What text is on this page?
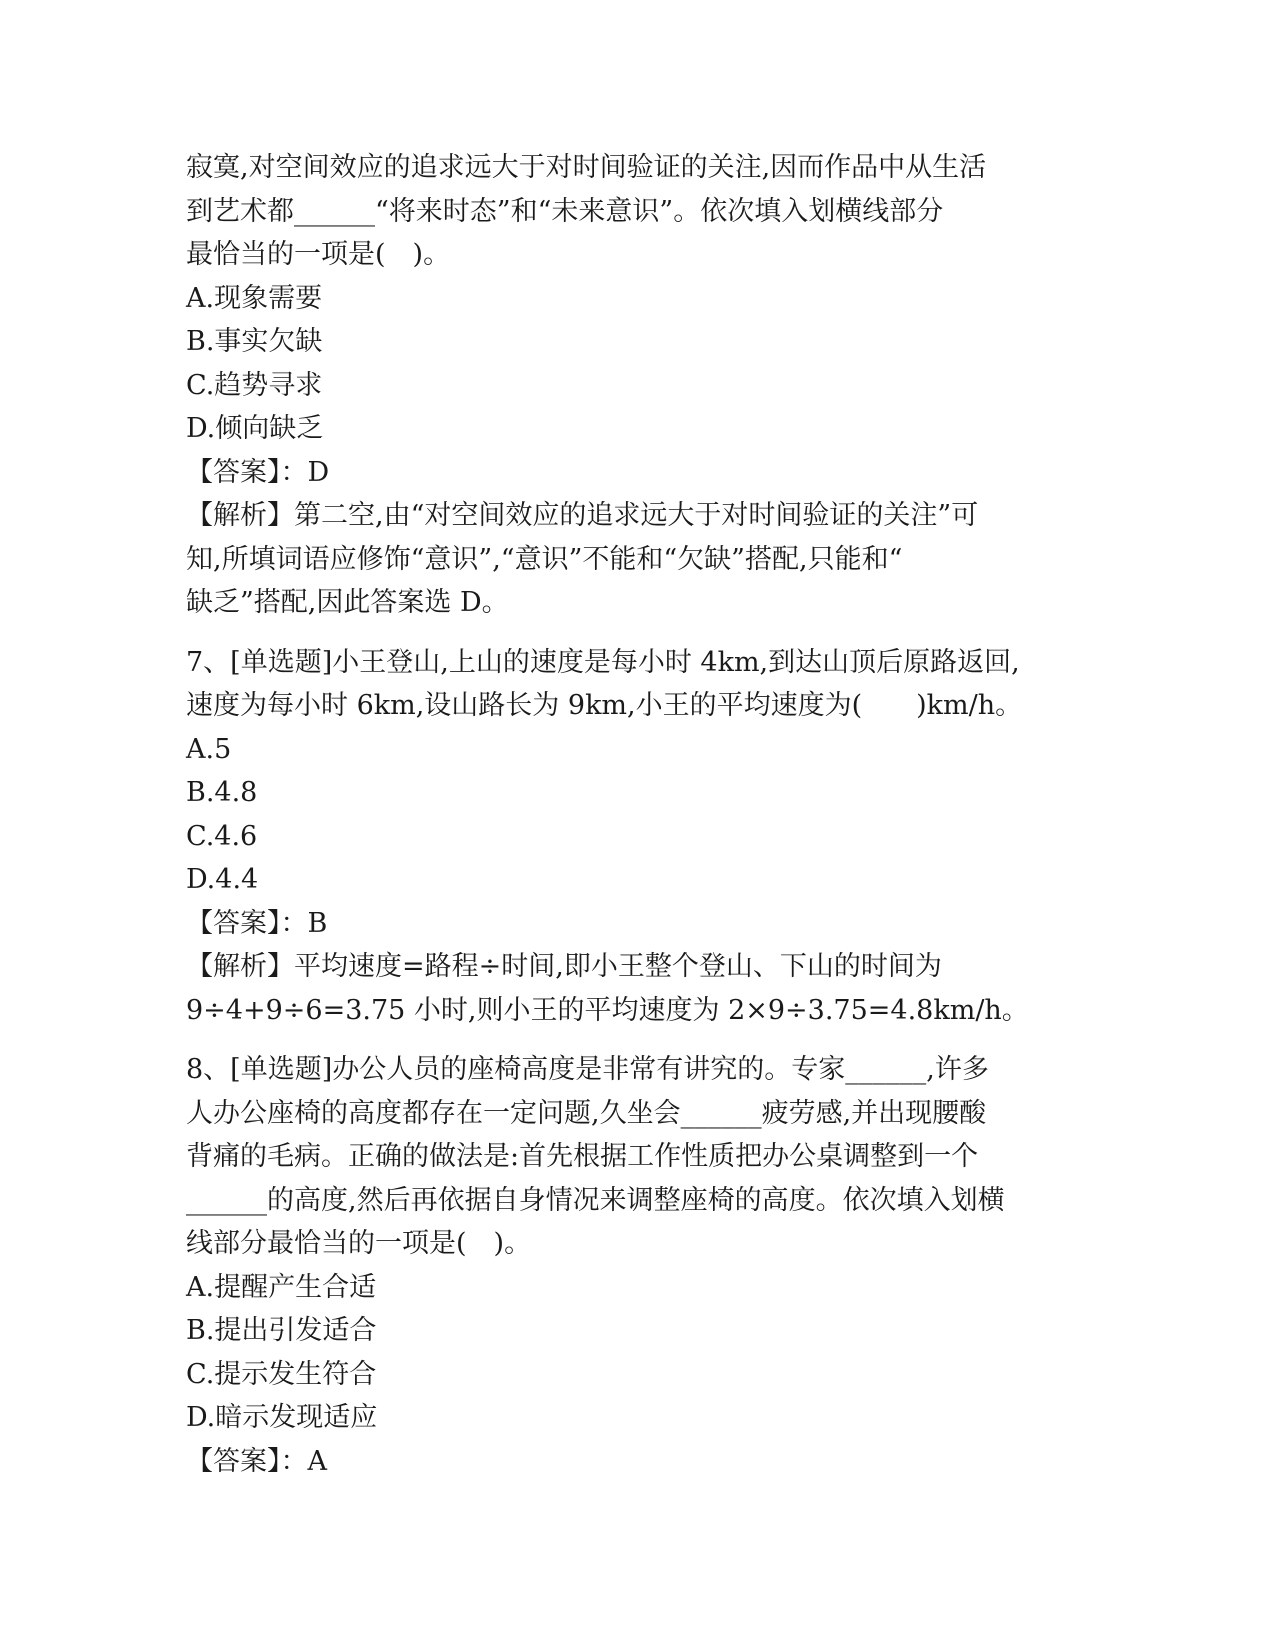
寂寞,对空间效应的追求远大于对时间验证的关注,因而作品中从生活
到艺术都______“将来时态”和“未来意识”。依次填入划横线部分
最恰当的一项是(　)。
A.现象需要
B.事实欠缺
C.趋势寻求
D.倾向缺乏
【答案】：D
【解析】第二空,由“对空间效应的追求远大于对时间验证的关注”可
知,所填词语应修饰“意识”,“意识”不能和“欠缺”搭配,只能和“
缺乏”搭配,因此答案选 D。
7、[单选题]小王登山,上山的速度是每小时 4km,到达山顶后原路返回,
速度为每小时 6km,设山路长为 9km,小王的平均速度为(　　)km/h。
A.5
B.4.8
C.4.6
D.4.4
【答案】：B
【解析】平均速度=路程÷时间,即小王整个登山、下山的时间为
9÷4+9÷6=3.75 小时,则小王的平均速度为 2×9÷3.75=4.8km/h。
8、[单选题]办公人员的座椅高度是非常有讲究的。专家______,许多
人办公座椅的高度都存在一定问题,久坐会______疲劳感,并出现腰酸
背痛的毛病。正确的做法是:首先根据工作性质把办公桌调整到一个
______的高度,然后再依据自身情况来调整座椅的高度。依次填入划横
线部分最恰当的一项是(　)。
A.提醒产生合适
B.提出引发适合
C.提示发生符合
D.暗示发现适应
【答案】：A
